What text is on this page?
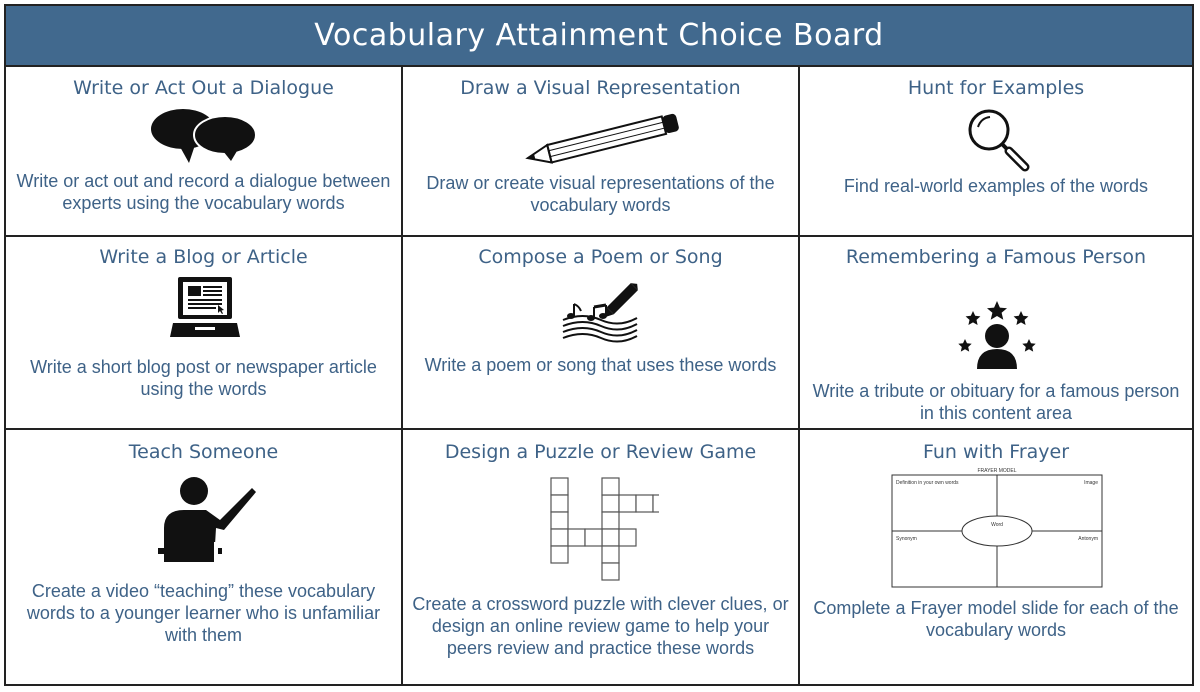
Vocabulary Attainment Choice Board
Write or Act Out a Dialogue
Write or act out and record a dialogue between experts using the vocabulary words
Draw a Visual Representation
Draw or create visual representations of the vocabulary words
Hunt for Examples
Find real-world examples of the words
Write a Blog or Article
Write a short blog post or newspaper article using the words
Compose a Poem or Song
Write a poem or song that uses these words
Remembering a Famous Person
Write a tribute or obituary for a famous person in this content area
Teach Someone
Create a video “teaching” these vocabulary words to a younger learner who is unfamiliar with them
Design a Puzzle or Review Game
Create a crossword puzzle with clever clues, or design an online review game to help your peers review and practice these words
Fun with Frayer
FRAYER MODEL
Definition in your own words	Image
Word
Synonym	Antonym
Complete a Frayer model slide for each of the vocabulary words
